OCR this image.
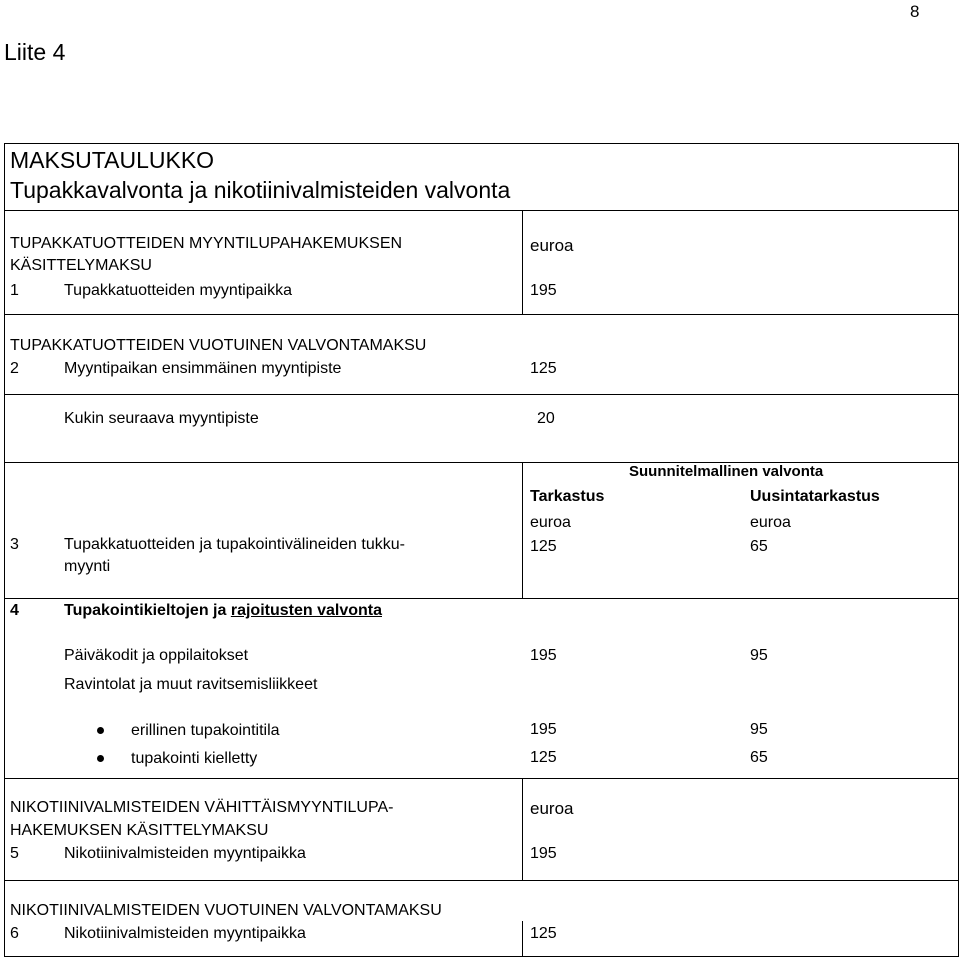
8
Liite 4
MAKSUTAULUKKO
Tupakkavalvonta ja nikotiinivalmisteiden valvonta
TUPAKKATUOTTEIDEN MYYNTILUPAHAKEMUKSEN
KÄSITTELYMAKSU
euroa
1	Tupakkatuotteiden myyntipaikka	195
TUPAKKATUOTTEIDEN VUOTUINEN VALVONTAMAKSU
2	Myyntipaikan ensimmäinen myyntipiste	125
Kukin seuraava myyntipiste	20
Suunnitelmallinen valvonta
Tarkastus	Uusintatarkastus
euroa	euroa
3	Tupakkatuotteiden ja tupakointivälineiden tukku-
myynti
125	65
4	Tupakointikieltojen ja rajoitusten valvonta
Päiväkodit ja oppilaitokset	195	95
Ravintolat ja muut ravitsemisliikkeet
erillinen tupakointitila	195	95
tupakointi kielletty	125	65
NIKOTIINIVALMISTEIDEN VÄHITTÄISMYYNTILUPA-
HAKEMUKSEN KÄSITTELYMAKSU
euroa
5	Nikotiinivalmisteiden myyntipaikka	195
NIKOTIINIVALMISTEIDEN VUOTUINEN VALVONTAMAKSU
6	Nikotiinivalmisteiden myyntipaikka	125
